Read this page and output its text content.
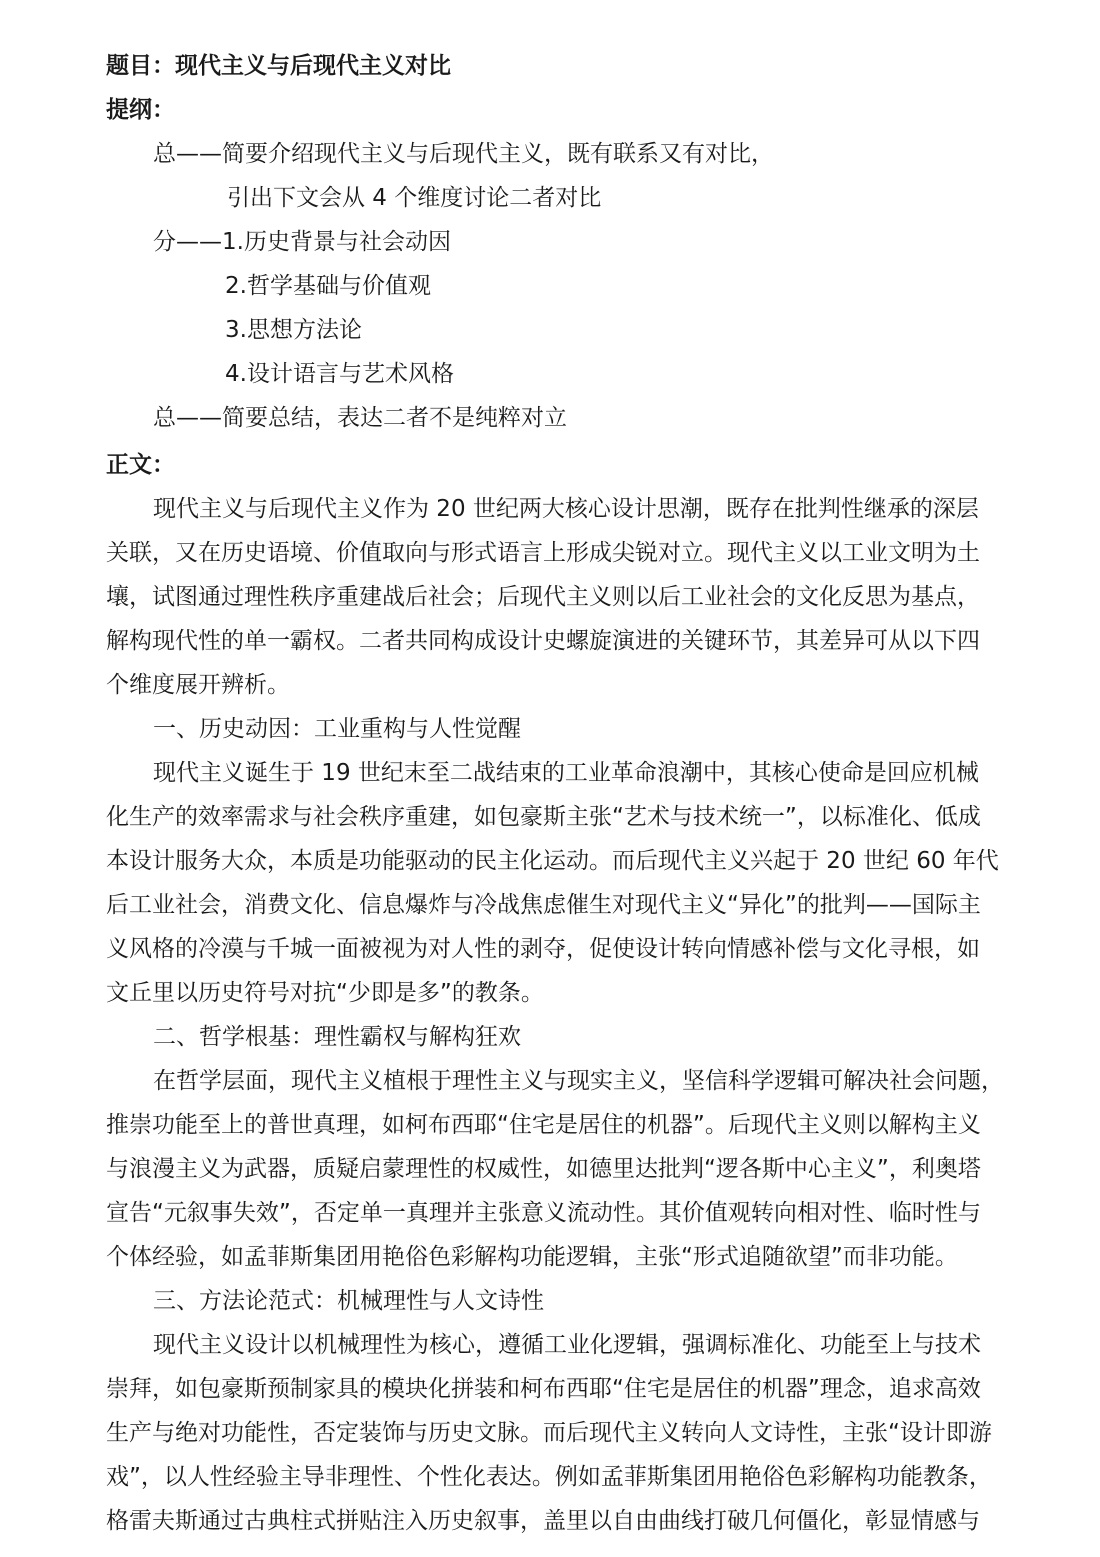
题目：现代主义与后现代主义对比
提纲：
总——简要介绍现代主义与后现代主义，既有联系又有对比，
引出下文会从 4 个维度讨论二者对比
分——1.历史背景与社会动因
2.哲学基础与价值观
3.思想方法论
4.设计语言与艺术风格
总——简要总结，表达二者不是纯粹对立
正文：
现代主义与后现代主义作为 20 世纪两大核心设计思潮，既存在批判性继承的深层
关联，又在历史语境、价值取向与形式语言上形成尖锐对立。现代主义以工业文明为土
壤，试图通过理性秩序重建战后社会；后现代主义则以后工业社会的文化反思为基点，
解构现代性的单一霸权。二者共同构成设计史螺旋演进的关键环节，其差异可从以下四
个维度展开辨析。
一、历史动因：工业重构与人性觉醒
现代主义诞生于 19 世纪末至二战结束的工业革命浪潮中，其核心使命是回应机械
化生产的效率需求与社会秩序重建，如包豪斯主张“艺术与技术统一”，以标准化、低成
本设计服务大众，本质是功能驱动的民主化运动。而后现代主义兴起于 20 世纪 60 年代
后工业社会，消费文化、信息爆炸与冷战焦虑催生对现代主义“异化”的批判——国际主
义风格的冷漠与千城一面被视为对人性的剥夺，促使设计转向情感补偿与文化寻根，如
文丘里以历史符号对抗“少即是多”的教条。
二、哲学根基：理性霸权与解构狂欢
在哲学层面，现代主义植根于理性主义与现实主义，坚信科学逻辑可解决社会问题，
推崇功能至上的普世真理，如柯布西耶“住宅是居住的机器”。后现代主义则以解构主义
与浪漫主义为武器，质疑启蒙理性的权威性，如德里达批判“逻各斯中心主义”，利奥塔
宣告“元叙事失效”，否定单一真理并主张意义流动性。其价值观转向相对性、临时性与
个体经验，如孟菲斯集团用艳俗色彩解构功能逻辑，主张“形式追随欲望”而非功能。
三、方法论范式：机械理性与人文诗性
现代主义设计以机械理性为核心，遵循工业化逻辑，强调标准化、功能至上与技术
崇拜，如包豪斯预制家具的模块化拼装和柯布西耶“住宅是居住的机器”理念，追求高效
生产与绝对功能性，否定装饰与历史文脉。而后现代主义转向人文诗性，主张“设计即游
戏”，以人性经验主导非理性、个性化表达。例如孟菲斯集团用艳俗色彩解构功能教条，
格雷夫斯通过古典柱式拼贴注入历史叙事，盖里以自由曲线打破几何僵化，彰显情感与
